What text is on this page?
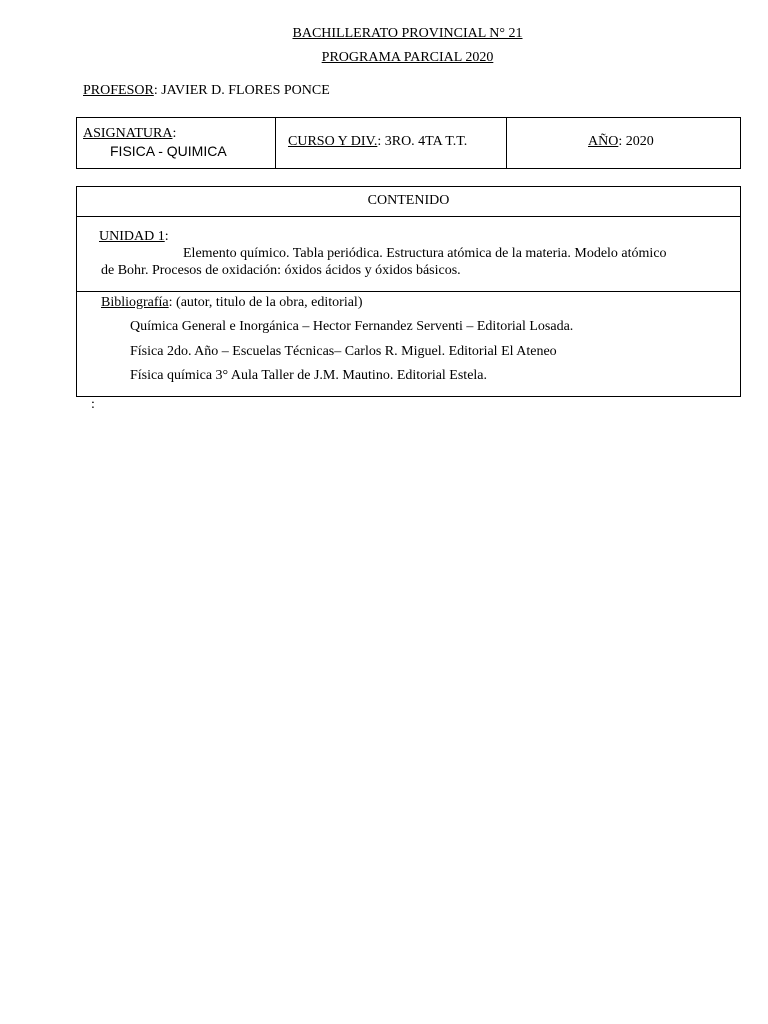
BACHILLERATO PROVINCIAL N° 21
PROGRAMA PARCIAL 2020
PROFESOR: JAVIER D. FLORES PONCE
ASIGNATURA:
FISICA - QUIMICA
CURSO Y DIV.: 3RO. 4TA T.T.	AÑO: 2020
CONTENIDO
UNIDAD 1:
Elemento químico. Tabla periódica. Estructura atómica de la materia. Modelo atómico
de Bohr. Procesos de oxidación: óxidos ácidos y óxidos básicos.
Bibliografía: (autor, titulo de la obra, editorial)
Química General e Inorgánica – Hector Fernandez Serventi – Editorial Losada.
Física 2do. Año – Escuelas Técnicas– Carlos R. Miguel. Editorial El Ateneo
Física química 3° Aula Taller de J.M. Mautino. Editorial Estela.
:
